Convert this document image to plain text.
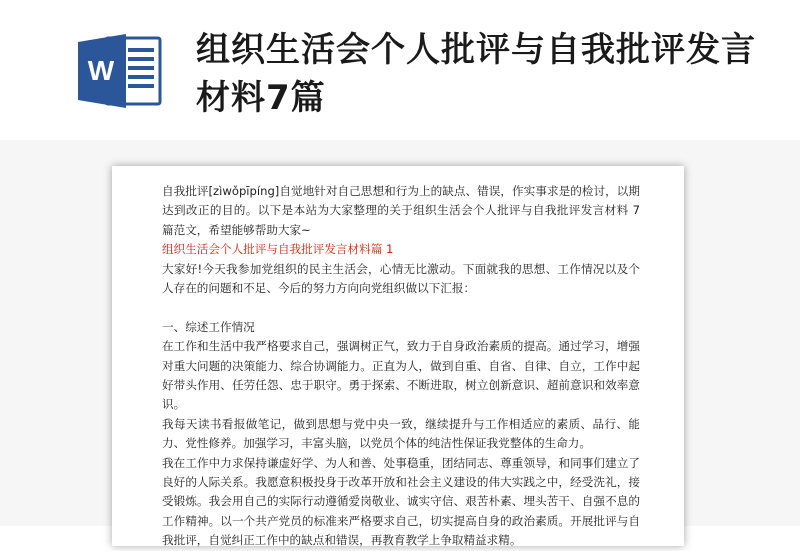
W
组织生活会个人批评与自我批评发言材料7篇

自我批评[zìwǒpīpíng]自觉地针对自己思想和行为上的缺点、错误，作实事求是的检讨，以期达到改正的目的。以下是本站为大家整理的关于组织生活会个人批评与自我批评发言材料 7 篇范文，希望能够帮助大家~

组织生活会个人批评与自我批评发言材料篇 1

大家好!今天我参加党组织的民主生活会，心情无比激动。下面就我的思想、工作情况以及个人存在的问题和不足、今后的努力方向向党组织做以下汇报：

一、综述工作情况

在工作和生活中我严格要求自己，强调树正气，致力于自身政治素质的提高。通过学习，增强对重大问题的决策能力、综合协调能力。正直为人，做到自重、自省、自律、自立，工作中起好带头作用、任劳任怨、忠于职守。勇于探索、不断进取，树立创新意识、超前意识和效率意识。

我每天读书看报做笔记，做到思想与党中央一致，继续提升与工作相适应的素质、品行、能力、党性修养。加强学习，丰富头脑，以党员个体的纯洁性保证我党整体的生命力。

我在工作中力求保持谦虚好学、为人和善、处事稳重，团结同志、尊重领导，和同事们建立了良好的人际关系。我愿意积极投身于改革开放和社会主义建设的伟大实践之中，经受洗礼，接受锻炼。我会用自己的实际行动遵循爱岗敬业、诚实守信、艰苦朴素、埋头苦干、自强不息的工作精神。以一个共产党员的标准来严格要求自己，切实提高自身的政治素质。开展批评与自我批评，自觉纠正工作中的缺点和错误，再教育教学上争取精益求精。
